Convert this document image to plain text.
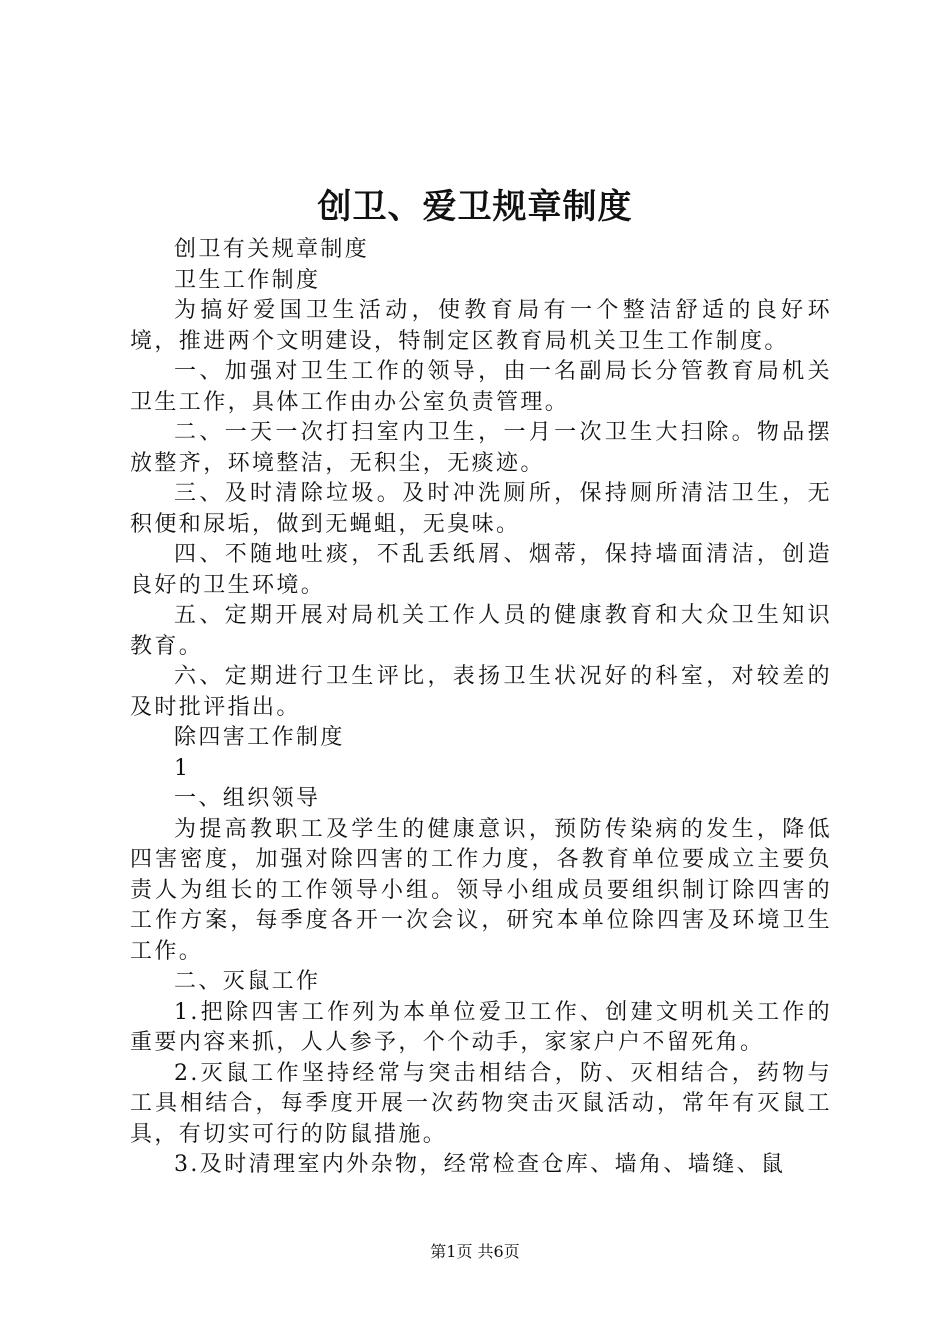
创卫、爱卫规章制度

创卫有关规章制度

卫生工作制度

为搞好爱国卫生活动，使教育局有一个整洁舒适的良好环境，推进两个文明建设，特制定区教育局机关卫生工作制度。

一、加强对卫生工作的领导，由一名副局长分管教育局机关卫生工作，具体工作由办公室负责管理。

二、一天一次打扫室内卫生，一月一次卫生大扫除。物品摆放整齐，环境整洁，无积尘，无痰迹。

三、及时清除垃圾。及时冲洗厕所，保持厕所清洁卫生，无积便和尿垢，做到无蝇蛆，无臭味。

四、不随地吐痰，不乱丢纸屑、烟蒂，保持墙面清洁，创造良好的卫生环境。

五、定期开展对局机关工作人员的健康教育和大众卫生知识教育。

六、定期进行卫生评比，表扬卫生状况好的科室，对较差的及时批评指出。

除四害工作制度

1

一、组织领导

为提高教职工及学生的健康意识，预防传染病的发生，降低四害密度，加强对除四害的工作力度，各教育单位要成立主要负责人为组长的工作领导小组。领导小组成员要组织制订除四害的工作方案，每季度各开一次会议，研究本单位除四害及环境卫生工作。

二、灭鼠工作

1.把除四害工作列为本单位爱卫工作、创建文明机关工作的重要内容来抓，人人参予，个个动手，家家户户不留死角。

2.灭鼠工作坚持经常与突击相结合，防、灭相结合，药物与工具相结合，每季度开展一次药物突击灭鼠活动，常年有灭鼠工具，有切实可行的防鼠措施。

3.及时清理室内外杂物，经常检查仓库、墙角、墙缝、鼠

第1页 共6页
